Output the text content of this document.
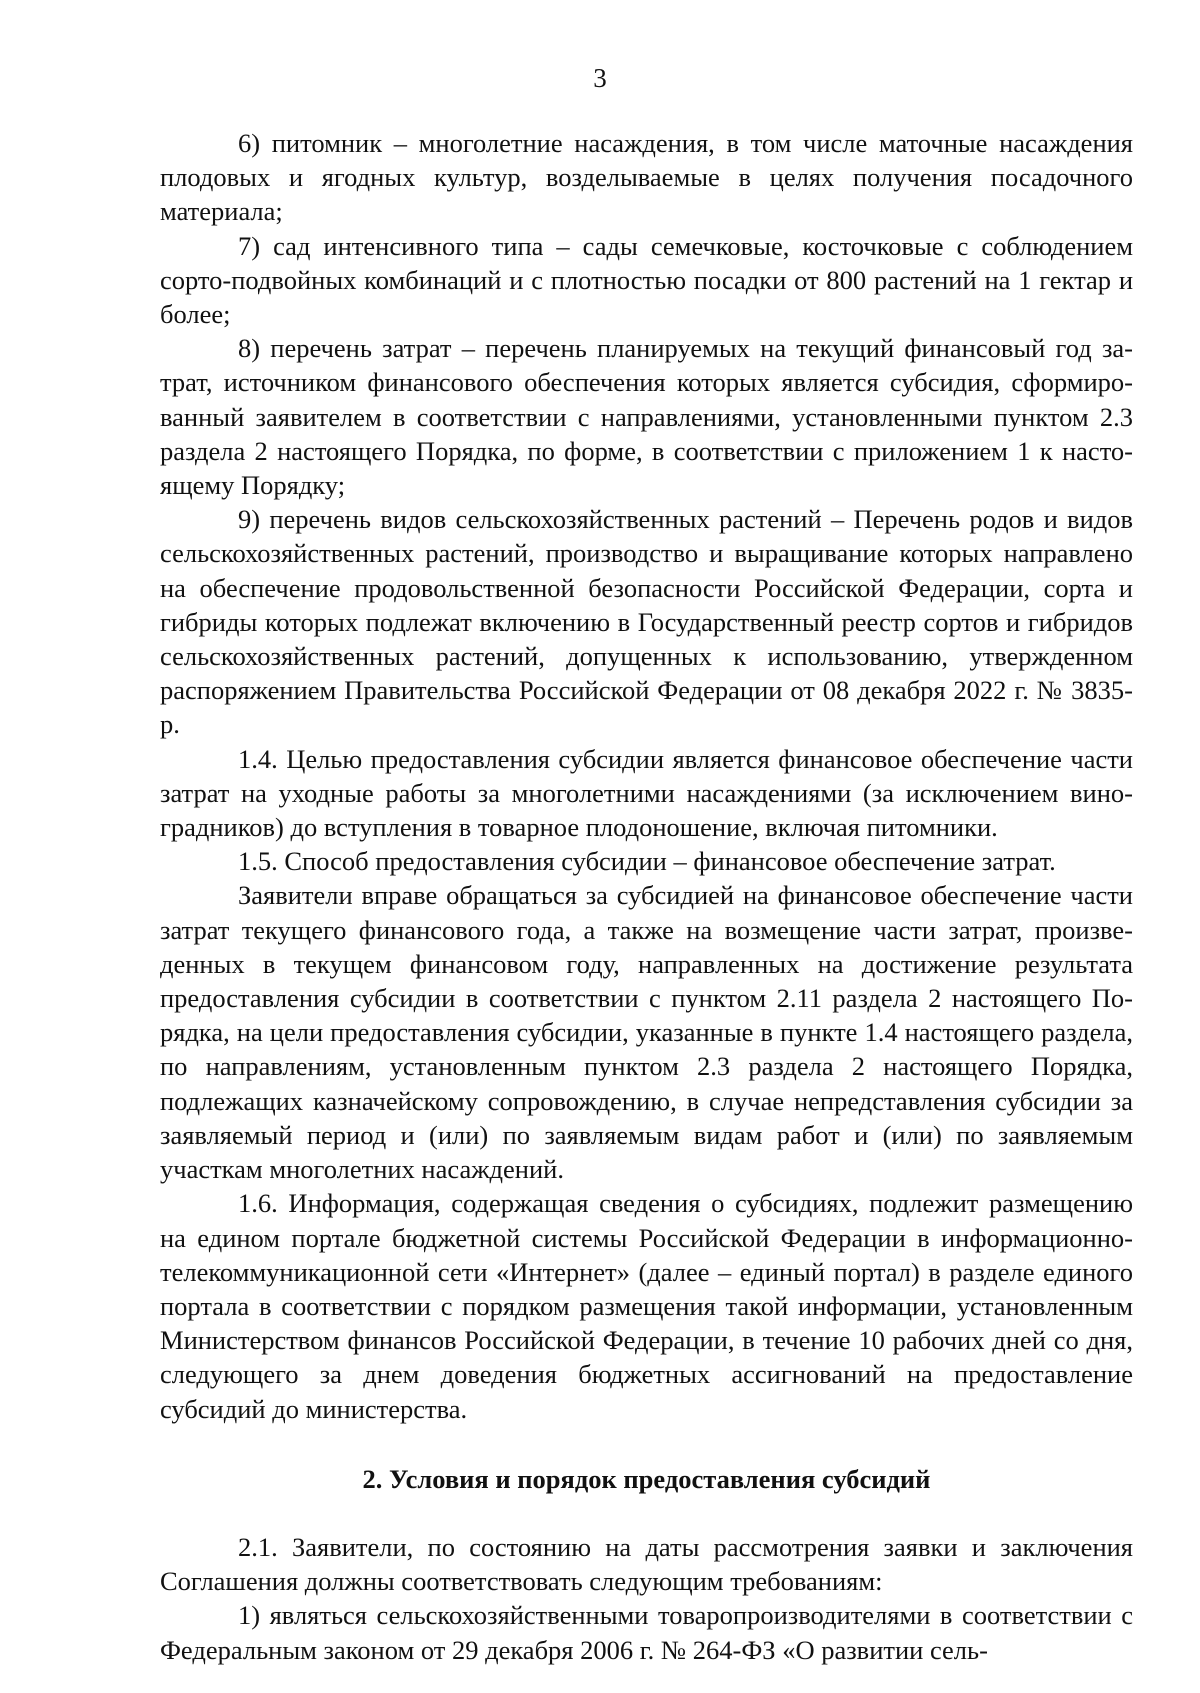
3

6) питомник – многолетние насаждения, в том числе маточные насаждения плодовых и ягодных культур, возделываемые в целях получения посадочного материала;

7) сад интенсивного типа – сады семечковые, косточковые с соблюдением сорто-подвойных комбинаций и с плотностью посадки от 800 растений на 1 гектар и более;

8) перечень затрат – перечень планируемых на текущий финансовый год затрат, источником финансового обеспечения которых является субсидия, сформированный заявителем в соответствии с направлениями, установленными пунктом 2.3 раздела 2 настоящего Порядка, по форме, в соответствии с приложением 1 к настоящему Порядку;

9) перечень видов сельскохозяйственных растений – Перечень родов и видов сельскохозяйственных растений, производство и выращивание которых направлено на обеспечение продовольственной безопасности Российской Федерации, сорта и гибриды которых подлежат включению в Государственный реестр сортов и гибридов сельскохозяйственных растений, допущенных к использованию, утвержденном распоряжением Правительства Российской Федерации от 08 декабря 2022 г. № 3835-р.

1.4. Целью предоставления субсидии является финансовое обеспечение части затрат на уходные работы за многолетними насаждениями (за исключением виноградников) до вступления в товарное плодоношение, включая питомники.

1.5. Способ предоставления субсидии – финансовое обеспечение затрат.

Заявители вправе обращаться за субсидией на финансовое обеспечение части затрат текущего финансового года, а также на возмещение части затрат, произведенных в текущем финансовом году, направленных на достижение результата предоставления субсидии в соответствии с пунктом 2.11 раздела 2 настоящего Порядка, на цели предоставления субсидии, указанные в пункте 1.4 настоящего раздела, по направлениям, установленным пунктом 2.3 раздела 2 настоящего Порядка, подлежащих казначейскому сопровождению, в случае непредставления субсидии за заявляемый период и (или) по заявляемым видам работ и (или) по заявляемым участкам многолетних насаждений.

1.6. Информация, содержащая сведения о субсидиях, подлежит размещению на едином портале бюджетной системы Российской Федерации в информационно-телекоммуникационной сети «Интернет» (далее – единый портал) в разделе единого портала в соответствии с порядком размещения такой информации, установленным Министерством финансов Российской Федерации, в течение 10 рабочих дней со дня, следующего за днем доведения бюджетных ассигнований на предоставление субсидий до министерства.

2. Условия и порядок предоставления субсидий

2.1. Заявители, по состоянию на даты рассмотрения заявки и заключения Соглашения должны соответствовать следующим требованиям:

1) являться сельскохозяйственными товаропроизводителями в соответствии с Федеральным законом от 29 декабря 2006 г. № 264-ФЗ «О развитии сель-
